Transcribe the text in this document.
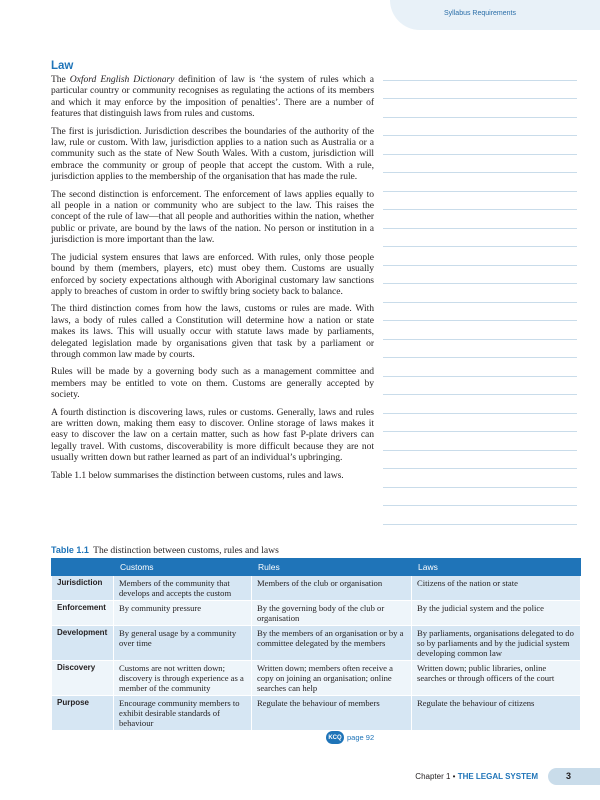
Syllabus Requirements
Law

The Oxford English Dictionary definition of law is ‘the system of rules which a particular country or community recognises as regulating the actions of its members and which it may enforce by the imposition of penalties’. There are a number of features that distinguish laws from rules and customs.

The first is jurisdiction. Jurisdiction describes the boundaries of the authority of the law, rule or custom. With law, jurisdiction applies to a nation such as Australia or a community such as the state of New South Wales. With a custom, jurisdiction will embrace the community or group of people that accept the custom. With a rule, jurisdiction applies to the membership of the organisation that has made the rule.

The second distinction is enforcement. The enforcement of laws applies equally to all people in a nation or community who are subject to the law. This raises the concept of the rule of law—that all people and authorities within the nation, whether public or private, are bound by the laws of the nation. No person or institution in a jurisdiction is more important than the law.

The judicial system ensures that laws are enforced. With rules, only those people bound by them (members, players, etc) must obey them. Customs are usually enforced by society expectations although with Aboriginal customary law sanctions apply to breaches of custom in order to swiftly bring society back to balance.

The third distinction comes from how the laws, customs or rules are made. With laws, a body of rules called a Constitution will determine how a nation or state makes its laws. This will usually occur with statute laws made by parliaments, delegated legislation made by organisations given that task by a parliament or through common law made by courts.

Rules will be made by a governing body such as a management committee and members may be entitled to vote on them. Customs are generally accepted by society.

A fourth distinction is discovering laws, rules or customs. Generally, laws and rules are written down, making them easy to discover. Online storage of laws makes it easy to discover the law on a certain matter, such as how fast P-plate drivers can legally travel. With customs, discoverability is more difficult because they are not usually written down but rather learned as part of an individual’s upbringing.

Table 1.1 below summarises the distinction between customs, rules and laws.

Table 1.1 The distinction between customs, rules and laws
	Customs	Rules	Laws
Jurisdiction	Members of the community that develops and accepts the custom	Members of the club or organisation	Citizens of the nation or state
Enforcement	By community pressure	By the governing body of the club or organisation	By the judicial system and the police
Development	By general usage by a community over time	By the members of an organisation or by a committee delegated by the members	By parliaments, organisations delegated to do so by parliaments and by the judicial system developing common law
Discovery	Customs are not written down; discovery is through experience as a member of the community	Written down; members often receive a copy on joining an organisation; online searches can help	Written down; public libraries, online searches or through officers of the court
Purpose	Encourage community members to exhibit desirable standards of behaviour	Regulate the behaviour of members	Regulate the behaviour of citizens
KCQ page 92
Chapter 1 • THE LEGAL SYSTEM	3
